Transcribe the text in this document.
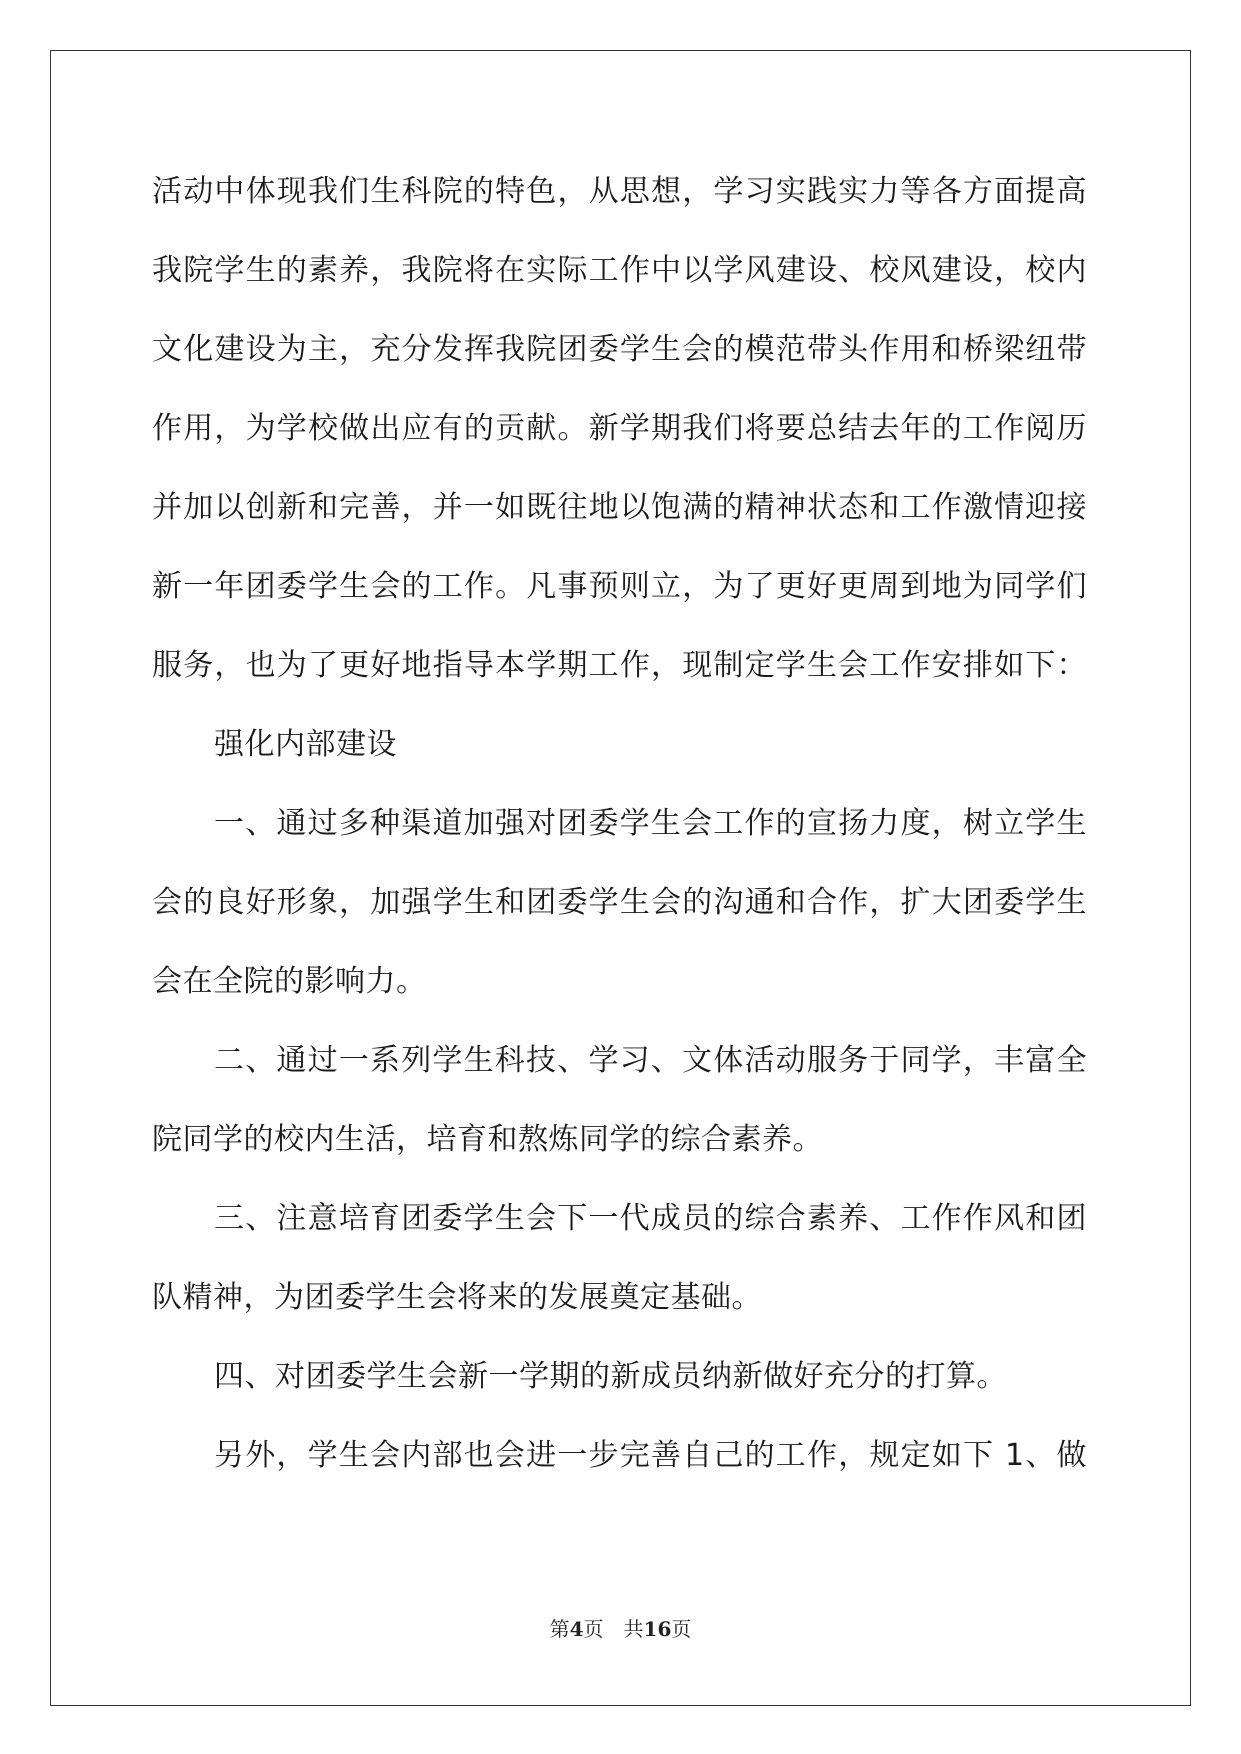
活动中体现我们生科院的特色，从思想，学习实践实力等各方面提高
我院学生的素养，我院将在实际工作中以学风建设、校风建设，校内
文化建设为主，充分发挥我院团委学生会的模范带头作用和桥梁纽带
作用，为学校做出应有的贡献。新学期我们将要总结去年的工作阅历
并加以创新和完善，并一如既往地以饱满的精神状态和工作激情迎接
新一年团委学生会的工作。凡事预则立，为了更好更周到地为同学们
服务，也为了更好地指导本学期工作，现制定学生会工作安排如下：
强化内部建设
一、通过多种渠道加强对团委学生会工作的宣扬力度，树立学生
会的良好形象，加强学生和团委学生会的沟通和合作，扩大团委学生
会在全院的影响力。
二、通过一系列学生科技、学习、文体活动服务于同学，丰富全
院同学的校内生活，培育和熬炼同学的综合素养。
三、注意培育团委学生会下一代成员的综合素养、工作作风和团
队精神，为团委学生会将来的发展奠定基础。
四、对团委学生会新一学期的新成员纳新做好充分的打算。
另外，学生会内部也会进一步完善自己的工作，规定如下 1、做
第4页 共16页
